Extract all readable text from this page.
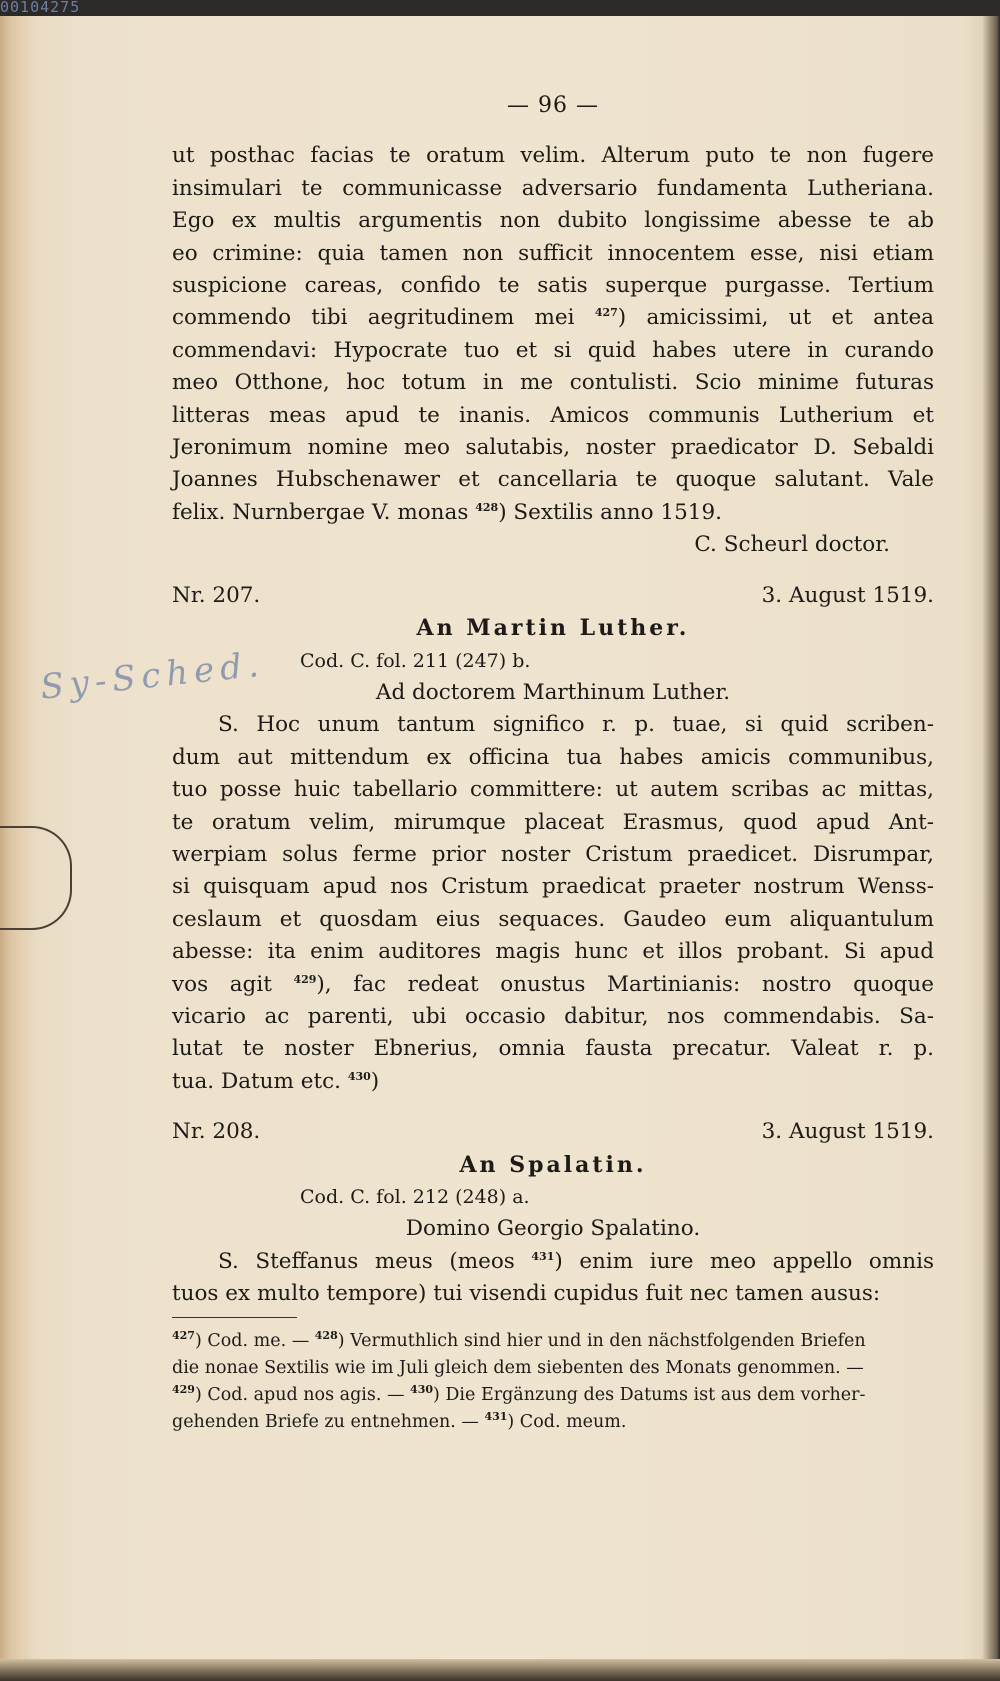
00104275
Sy-Sched.
— 96 —
ut posthac facias te oratum velim. Alterum puto te non fugere
insimulari te communicasse adversario fundamenta Lutheriana.
Ego ex multis argumentis non dubito longissime abesse te ab
eo crimine: quia tamen non sufficit innocentem esse, nisi etiam
suspicione careas, confido te satis superque purgasse. Tertium
commendo tibi aegritudinem mei $^{427}$) amicissimi, ut et antea
commendavi: Hypocrate tuo et si quid habes utere in curando
meo Otthone, hoc totum in me contulisti. Scio minime futuras
litteras meas apud te inanis. Amicos communis Lutherium et
Jeronimum nomine meo salutabis, noster praedicator D. Sebaldi
Joannes Hubschenawer et cancellaria te quoque salutant. Vale
felix. Nurnbergae V. monas $^{428}$) Sextilis anno 1519.
C. Scheurl doctor.
Nr. 207.	3. August 1519.
An Martin Luther.
Cod. C. fol. 211 (247) b.
Ad doctorem Marthinum Luther.
S. Hoc unum tantum significo r. p. tuae, si quid scriben-
dum aut mittendum ex officina tua habes amicis communibus,
tuo posse huic tabellario committere: ut autem scribas ac mittas,
te oratum velim, mirumque placeat Erasmus, quod apud Ant-
werpiam solus ferme prior noster Cristum praedicet. Disrumpar,
si quisquam apud nos Cristum praedicat praeter nostrum Wenss-
ceslaum et quosdam eius sequaces. Gaudeo eum aliquantulum
abesse: ita enim auditores magis hunc et illos probant. Si apud
vos agit $^{429}$), fac redeat onustus Martinianis: nostro quoque
vicario ac parenti, ubi occasio dabitur, nos commendabis. Sa-
lutat te noster Ebnerius, omnia fausta precatur. Valeat r. p.
tua. Datum etc. $^{430}$)
Nr. 208.	3. August 1519.
An Spalatin.
Cod. C. fol. 212 (248) a.
Domino Georgio Spalatino.
S. Steffanus meus (meos $^{431}$) enim iure meo appello omnis
tuos ex multo tempore) tui visendi cupidus fuit nec tamen ausus:
$^{427}$) Cod. me. — $^{428}$) Vermuthlich sind hier und in den nächstfolgenden Briefen
die nonae Sextilis wie im Juli gleich dem siebenten des Monats genommen. —
$^{429}$) Cod. apud nos agis. — $^{430}$) Die Ergänzung des Datums ist aus dem vorher-
gehenden Briefe zu entnehmen. — $^{431}$) Cod. meum.
